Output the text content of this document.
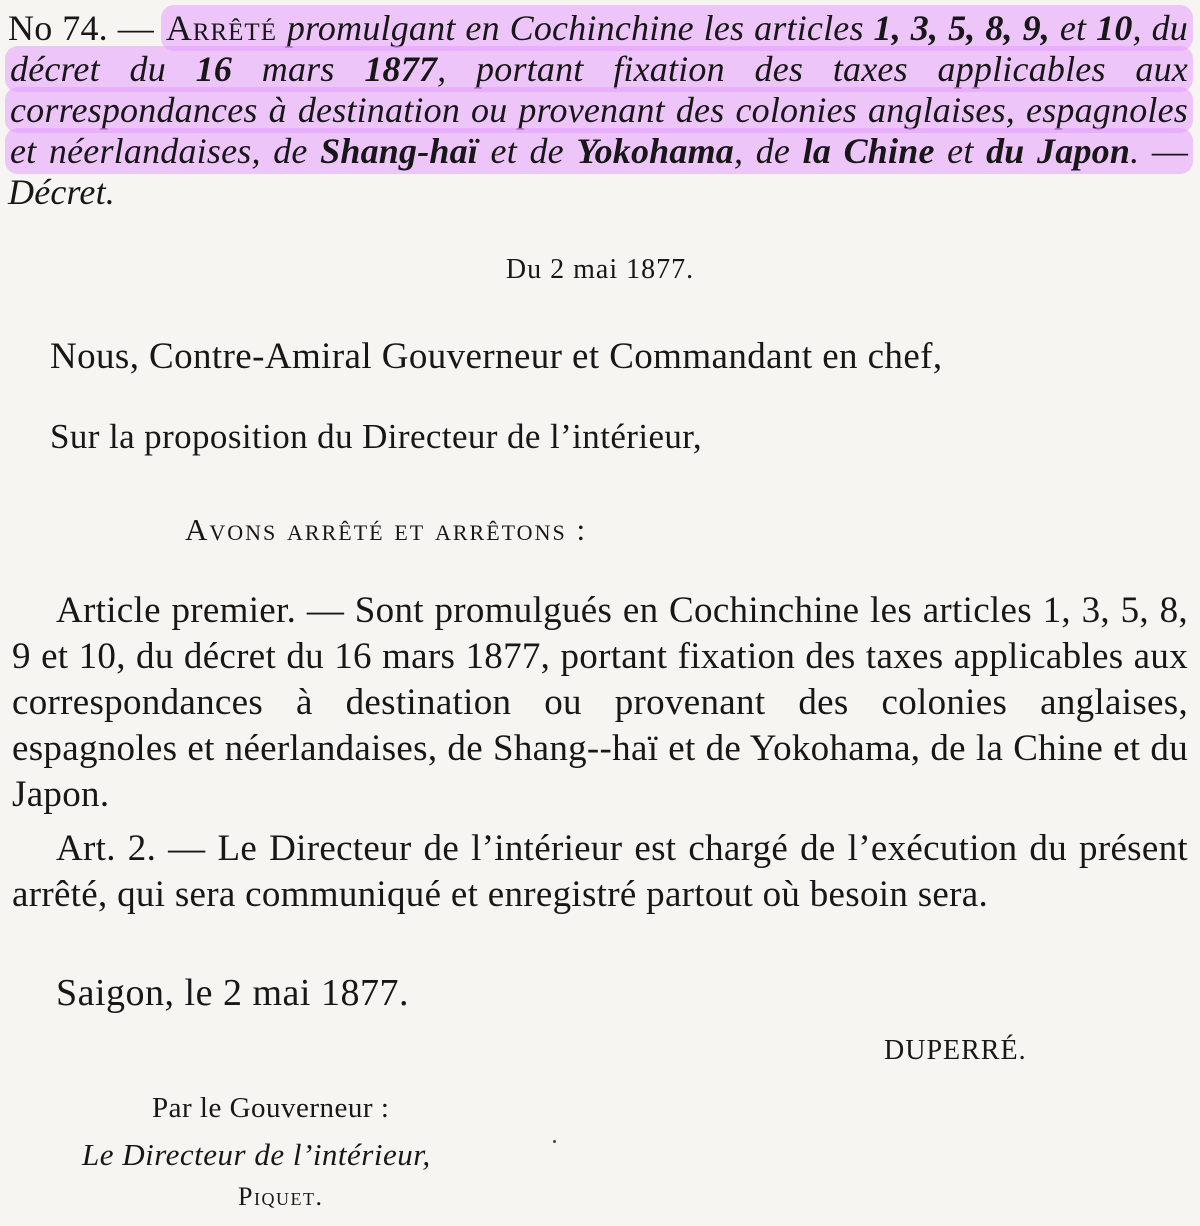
No 74. — Arrêté promulgant en Cochinchine les articles 1, 3, 5, 8, 9, et 10, du décret du 16 mars 1877, portant fixation des taxes applicables aux correspondances à destination ou provenant des colonies anglaises, espagnoles et néerlandaises, de Shang-haï et de Yokohama, de la Chine et du Japon. — Décret.
Du 2 mai 1877.
Nous, Contre-Amiral Gouverneur et Commandant en chef,
Sur la proposition du Directeur de l’intérieur,
Avons arrêté et arrêtons :

Article premier. — Sont promulgués en Cochinchine les articles 1, 3, 5, 8, 9 et 10, du décret du 16 mars 1877, portant fixation des taxes applicables aux correspondances à destination ou provenant des colonies anglaises, espagnoles et néerlandaises, de Shang--haï et de Yokohama, de la Chine et du Japon.

Art. 2. — Le Directeur de l’intérieur est chargé de l’exécution du présent arrêté, qui sera communiqué et enregistré partout où besoin sera.

Saigon, le 2 mai 1877.
DUPERRÉ.
Par le Gouverneur :
Le Directeur de l’intérieur,
Piquet.
